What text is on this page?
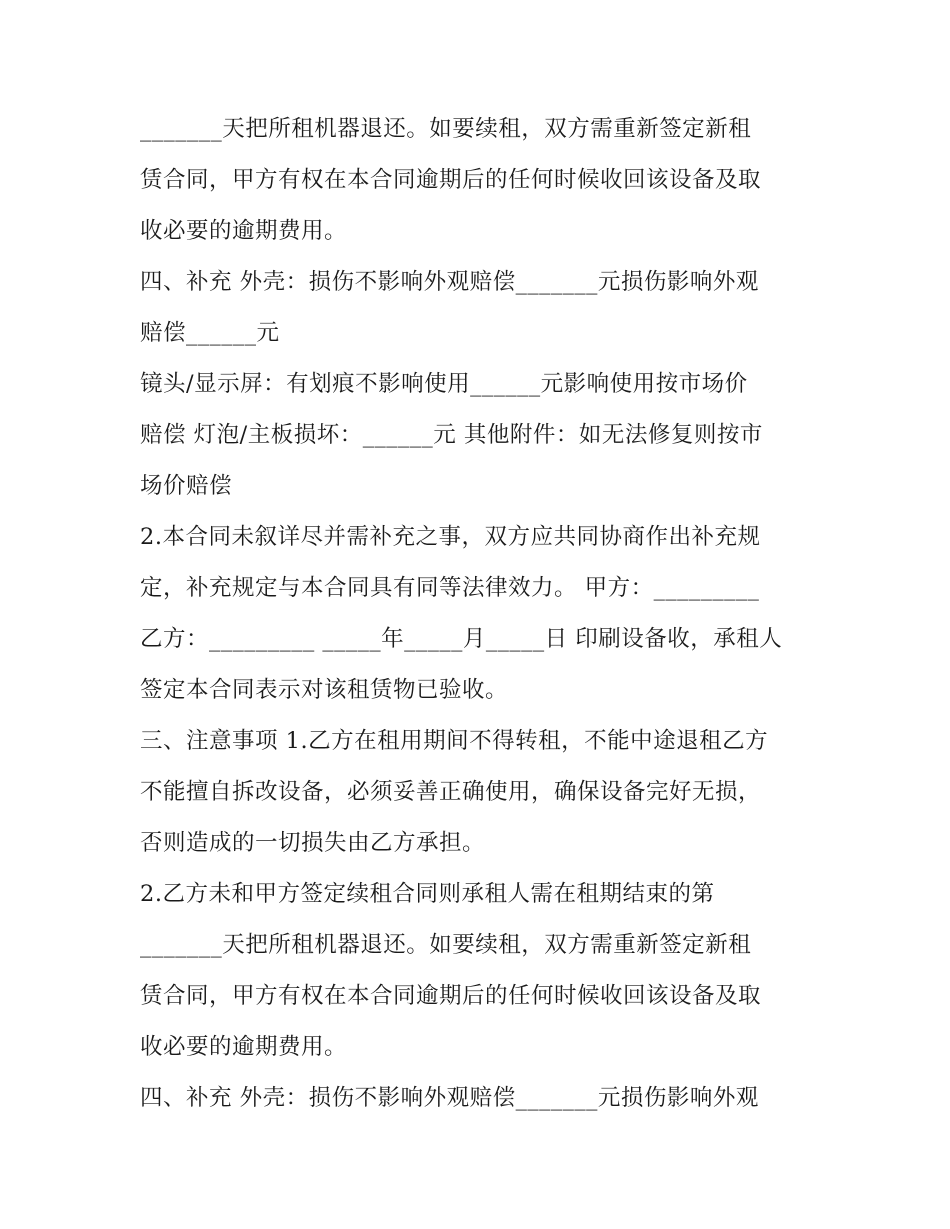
_______天把所租机器退还。如要续租，双方需重新签定新租
赁合同，甲方有权在本合同逾期后的任何时候收回该设备及取
收必要的逾期费用。
四、补充 外壳：损伤不影响外观赔偿_______元损伤影响外观
赔偿______元
镜头/显示屏：有划痕不影响使用______元影响使用按市场价
赔偿 灯泡/主板损坏：______元 其他附件：如无法修复则按市
场价赔偿
2.本合同未叙详尽并需补充之事，双方应共同协商作出补充规
定，补充规定与本合同具有同等法律效力。 甲方：_________
乙方：_________ _____年_____月_____日 印刷设备收，承租人
签定本合同表示对该租赁物已验收。
三、注意事项 1.乙方在租用期间不得转租，不能中途退租乙方
不能擅自拆改设备，必须妥善正确使用，确保设备完好无损，
否则造成的一切损失由乙方承担。
2.乙方未和甲方签定续租合同则承租人需在租期结束的第
_______天把所租机器退还。如要续租，双方需重新签定新租
赁合同，甲方有权在本合同逾期后的任何时候收回该设备及取
收必要的逾期费用。
四、补充 外壳：损伤不影响外观赔偿_______元损伤影响外观
